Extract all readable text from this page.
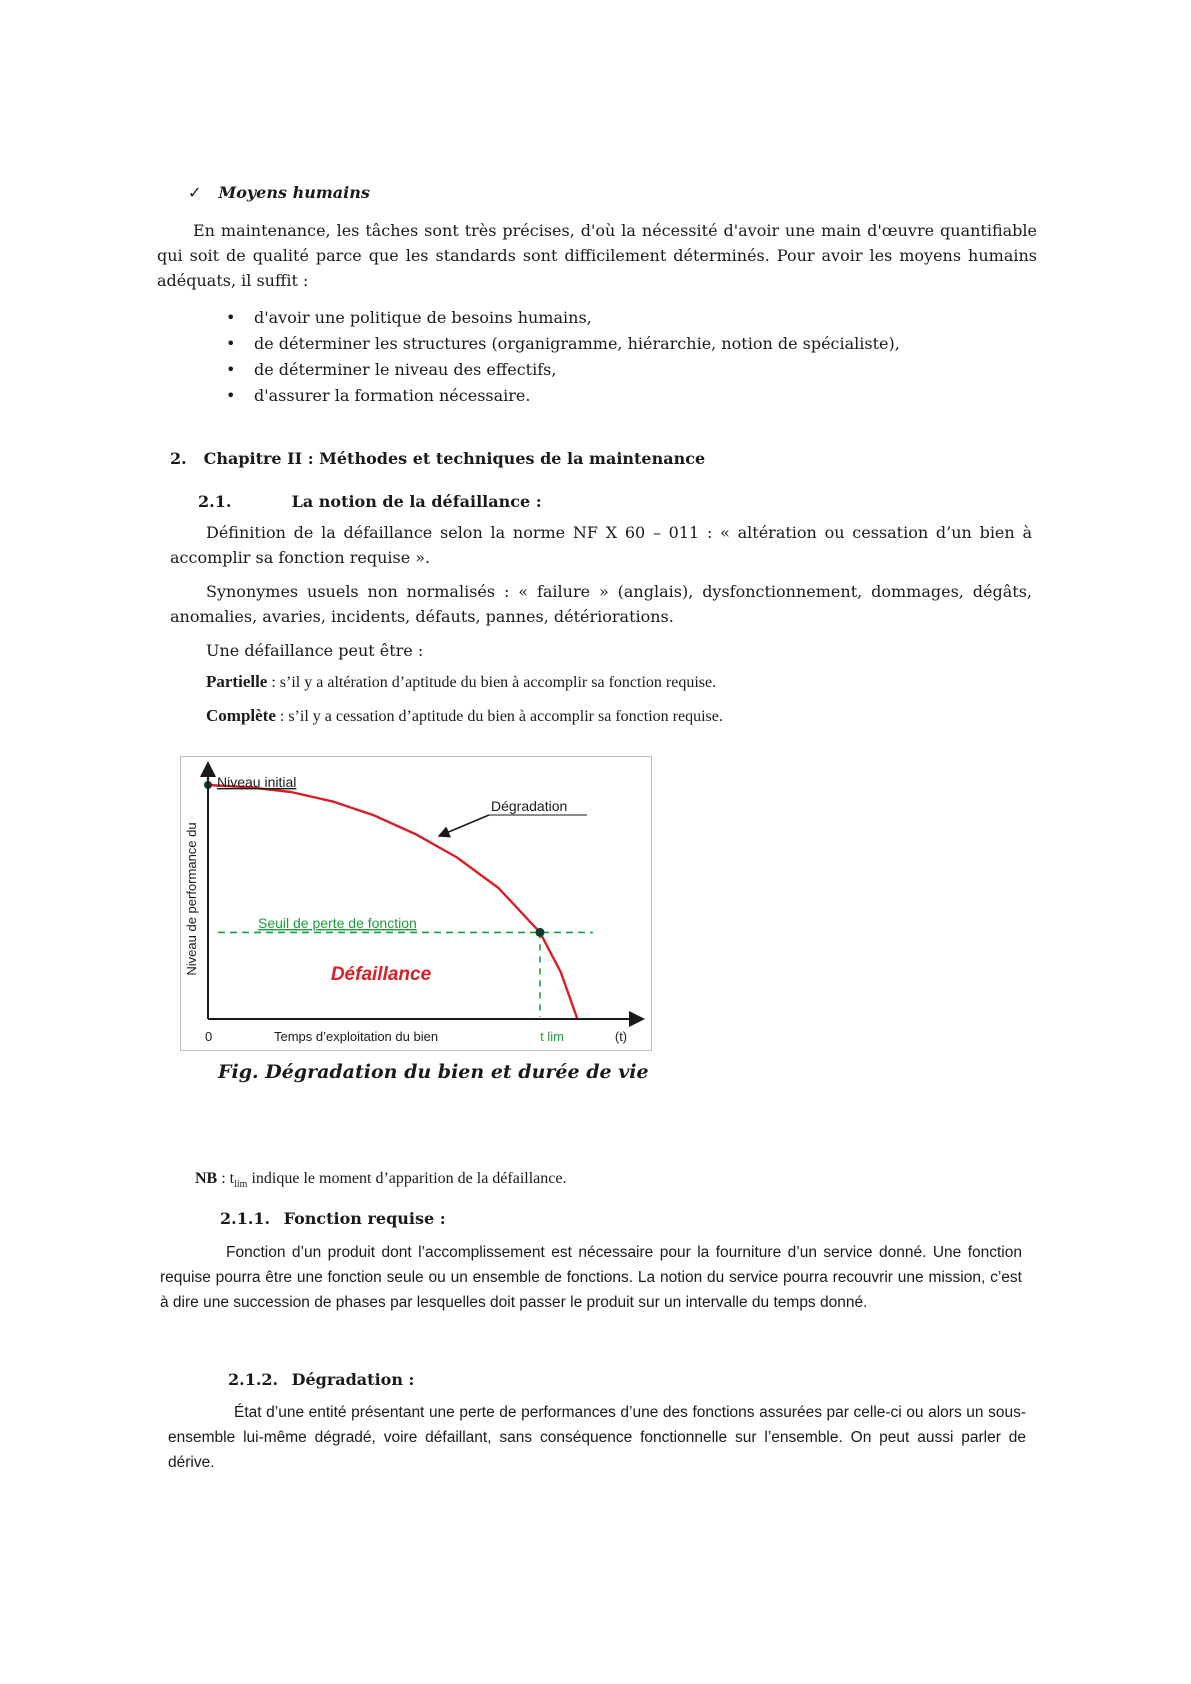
✓ Moyens humains
En maintenance, les tâches sont très précises, d'où la nécessité d'avoir une main d'œuvre quantifiable qui soit de qualité parce que les standards sont difficilement déterminés. Pour avoir les moyens humains adéquats, il suffit :
• d'avoir une politique de besoins humains,
• de déterminer les structures (organigramme, hiérarchie, notion de spécialiste),
• de déterminer le niveau des effectifs,
• d'assurer la formation nécessaire.
2. Chapitre II : Méthodes et techniques de la maintenance
2.1.	La notion de la défaillance :
Définition de la défaillance selon la norme NF X 60 – 011 : « altération ou cessation d’un bien à accomplir sa fonction requise ».
Synonymes usuels non normalisés : « failure » (anglais), dysfonctionnement, dommages, dégâts, anomalies, avaries, incidents, défauts, pannes, détériorations.
Une défaillance peut être :
Partielle : s’il y a altération d’aptitude du bien à accomplir sa fonction requise.
Complète : s’il y a cessation d’aptitude du bien à accomplir sa fonction requise.
Niveau de performance du
0	Temps d’exploitation du bien	t lim	(t)
Niveau initial
Dégradation
Seuil de perte de fonction
Défaillance
Fig. Dégradation du bien et durée de vie
NB : $t_{lim}$ indique le moment d’apparition de la défaillance.
2.1.1. Fonction requise :
Fonction d’un produit dont l’accomplissement est nécessaire pour la fourniture d’un service donné. Une fonction requise pourra être une fonction seule ou un ensemble de fonctions. La notion du service pourra recouvrir une mission, c’est à dire une succession de phases par lesquelles doit passer le produit sur un intervalle du temps donné.
2.1.2. Dégradation :
État d’une entité présentant une perte de performances d’une des fonctions assurées par celle-ci ou alors un sous-ensemble lui-même dégradé, voire défaillant, sans conséquence fonctionnelle sur l’ensemble. On peut aussi parler de dérive.
